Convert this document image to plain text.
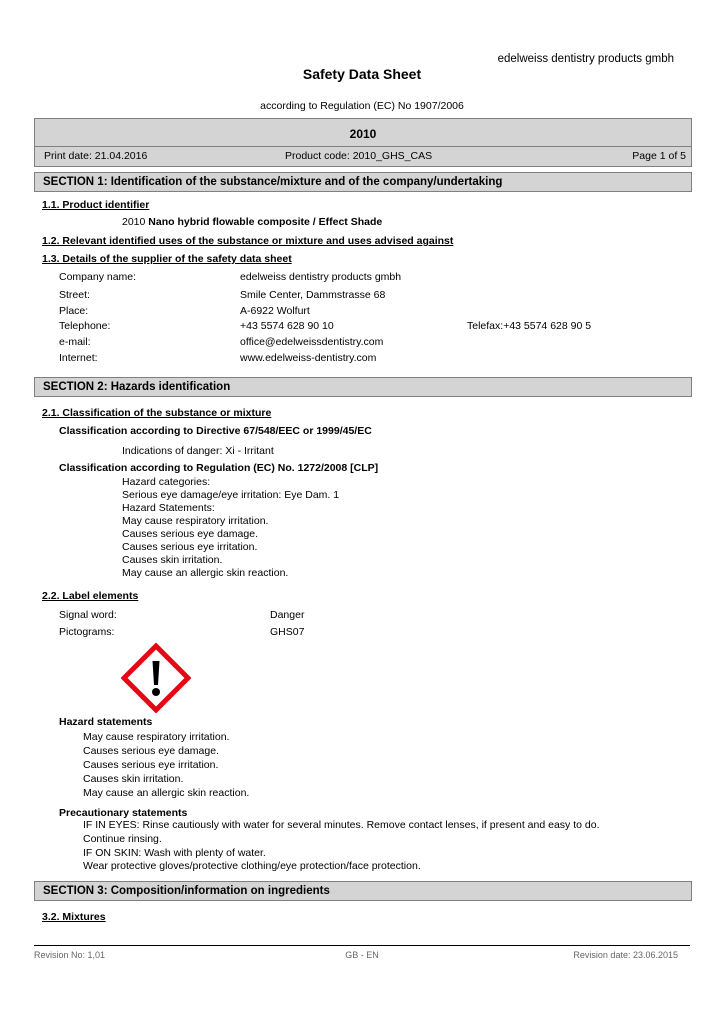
edelweiss dentistry products gmbh
Safety Data Sheet
according to Regulation (EC) No 1907/2006
2010
Print date: 21.04.2016	Product code: 2010_GHS_CAS	Page 1 of 5
SECTION 1: Identification of the substance/mixture and of the company/undertaking
1.1. Product identifier
2010 Nano hybrid flowable composite / Effect Shade
1.2. Relevant identified uses of the substance or mixture and uses advised against
1.3. Details of the supplier of the safety data sheet
Company name:	edelweiss dentistry products gmbh
Street:	Smile Center, Dammstrasse 68
Place:	A-6922 Wolfurt
Telephone:	+43 5574 628 90 10	Telefax:+43 5574 628 90 5
e-mail:	office@edelweissdentistry.com
Internet:	www.edelweiss-dentistry.com
SECTION 2: Hazards identification
2.1. Classification of the substance or mixture
Classification according to Directive 67/548/EEC or 1999/45/EC
Indications of danger: Xi - Irritant
Classification according to Regulation (EC) No. 1272/2008 [CLP]
Hazard categories:
Serious eye damage/eye irritation: Eye Dam. 1
Hazard Statements:
May cause respiratory irritation.
Causes serious eye damage.
Causes serious eye irritation.
Causes skin irritation.
May cause an allergic skin reaction.
2.2. Label elements
Signal word:	Danger
Pictograms:	GHS07
Hazard statements
May cause respiratory irritation.
Causes serious eye damage.
Causes serious eye irritation.
Causes skin irritation.
May cause an allergic skin reaction.
Precautionary statements
IF IN EYES: Rinse cautiously with water for several minutes. Remove contact lenses, if present and easy to do.
Continue rinsing.
IF ON SKIN: Wash with plenty of water.
Wear protective gloves/protective clothing/eye protection/face protection.
SECTION 3: Composition/information on ingredients
3.2. Mixtures
Revision No: 1,01	GB - EN	Revision date: 23.06.2015
